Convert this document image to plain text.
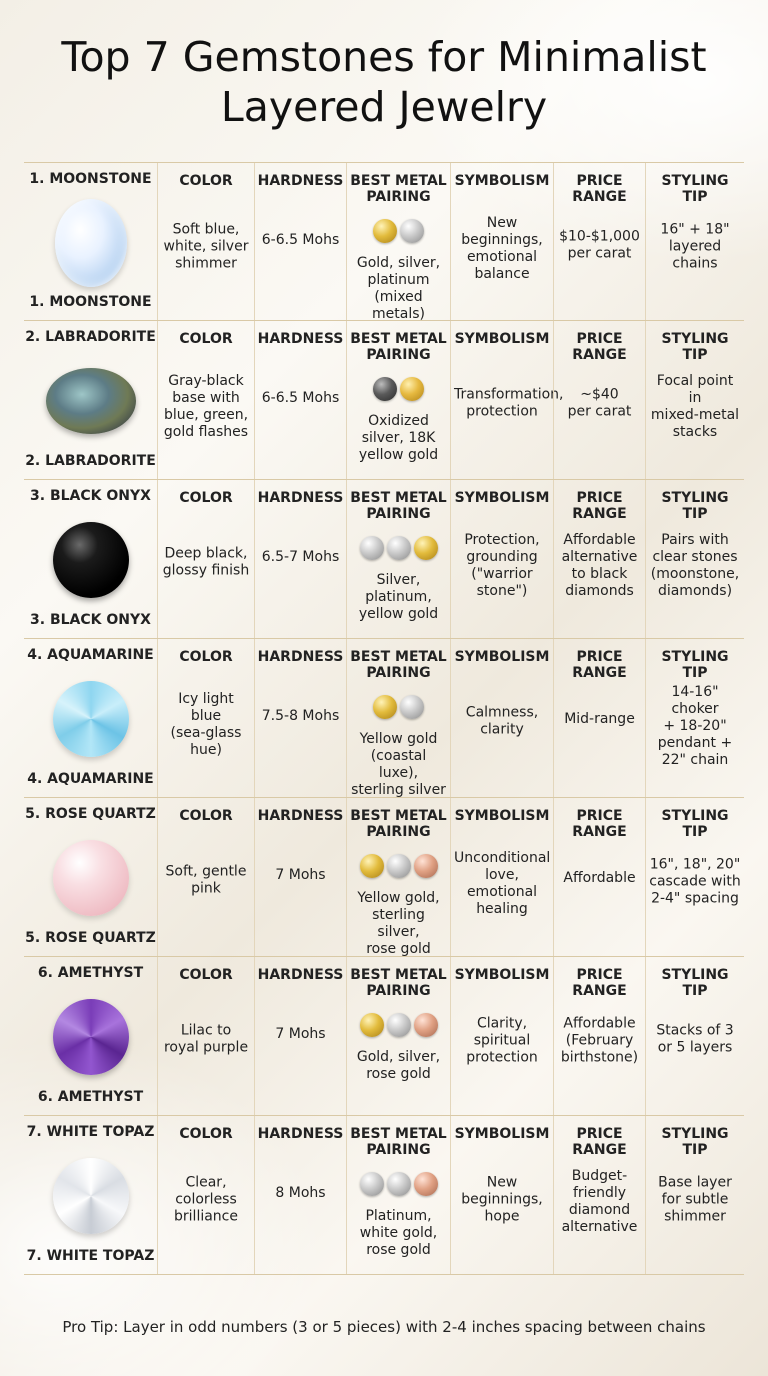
Top 7 Gemstones for Minimalist
Layered Jewelry
1. MOONSTONE
1. MOONSTONE
COLOR
Soft blue,
white, silver
shimmer
HARDNESS
6-6.5 Mohs
BEST METAL
PAIRING
Gold, silver,
platinum
(mixed metals)
SYMBOLISM
New
beginnings,
emotional
balance
PRICE
RANGE
$10-$1,000
per carat
STYLING
TIP
16" + 18"
layered
chains
2. LABRADORITE
2. LABRADORITE
COLOR
Gray-black
base with
blue, green,
gold flashes
HARDNESS
6-6.5 Mohs
BEST METAL
PAIRING
Oxidized
silver, 18K
yellow gold
SYMBOLISM
Transformation,
protection
PRICE
RANGE
~$40
per carat
STYLING
TIP
Focal point in
mixed-metal
stacks
3. BLACK ONYX
3. BLACK ONYX
COLOR
Deep black,
glossy finish
HARDNESS
6.5-7 Mohs
BEST METAL
PAIRING
Silver,
platinum,
yellow gold
SYMBOLISM
Protection,
grounding
("warrior
stone")
PRICE
RANGE
Affordable
alternative
to black
diamonds
STYLING TIP
Pairs with
clear stones
(moonstone,
diamonds)
4. AQUAMARINE
4. AQUAMARINE
COLOR
Icy light blue
(sea-glass
hue)
HARDNESS
7.5-8 Mohs
BEST METAL
PAIRING
Yellow gold
(coastal luxe),
sterling silver
SYMBOLISM
Calmness,
clarity
PRICE
RANGE
Mid-range
STYLING TIP
14-16" choker
+ 18-20"
pendant +
22" chain
5. ROSE QUARTZ
5. ROSE QUARTZ
COLOR
Soft, gentle
pink
HARDNESS
7 Mohs
BEST METAL
PAIRING
Yellow gold,
sterling silver,
rose gold
SYMBOLISM
Unconditional
love,
emotional
healing
PRICE
RANGE
Affordable
STYLING TIP
16", 18", 20"
cascade with
2-4" spacing
6. AMETHYST
6. AMETHYST
COLOR
Lilac to
royal purple
HARDNESS
7 Mohs
BEST METAL
PAIRING
Gold, silver,
rose gold
SYMBOLISM
Clarity,
spiritual
protection
PRICE
RANGE
Affordable
(February
birthstone)
STYLING TIP
Stacks of 3
or 5 layers
7. WHITE TOPAZ
7. WHITE TOPAZ
COLOR
Clear,
colorless
brilliance
HARDNESS
8 Mohs
BEST METAL
PAIRING
Platinum,
white gold,
rose gold
SYMBOLISM
New
beginnings,
hope
PRICE
RANGE
Budget-
friendly
diamond
alternative
STYLING TIP
Base layer
for subtle
shimmer
Pro Tip: Layer in odd numbers (3 or 5 pieces) with 2-4 inches spacing between chains
